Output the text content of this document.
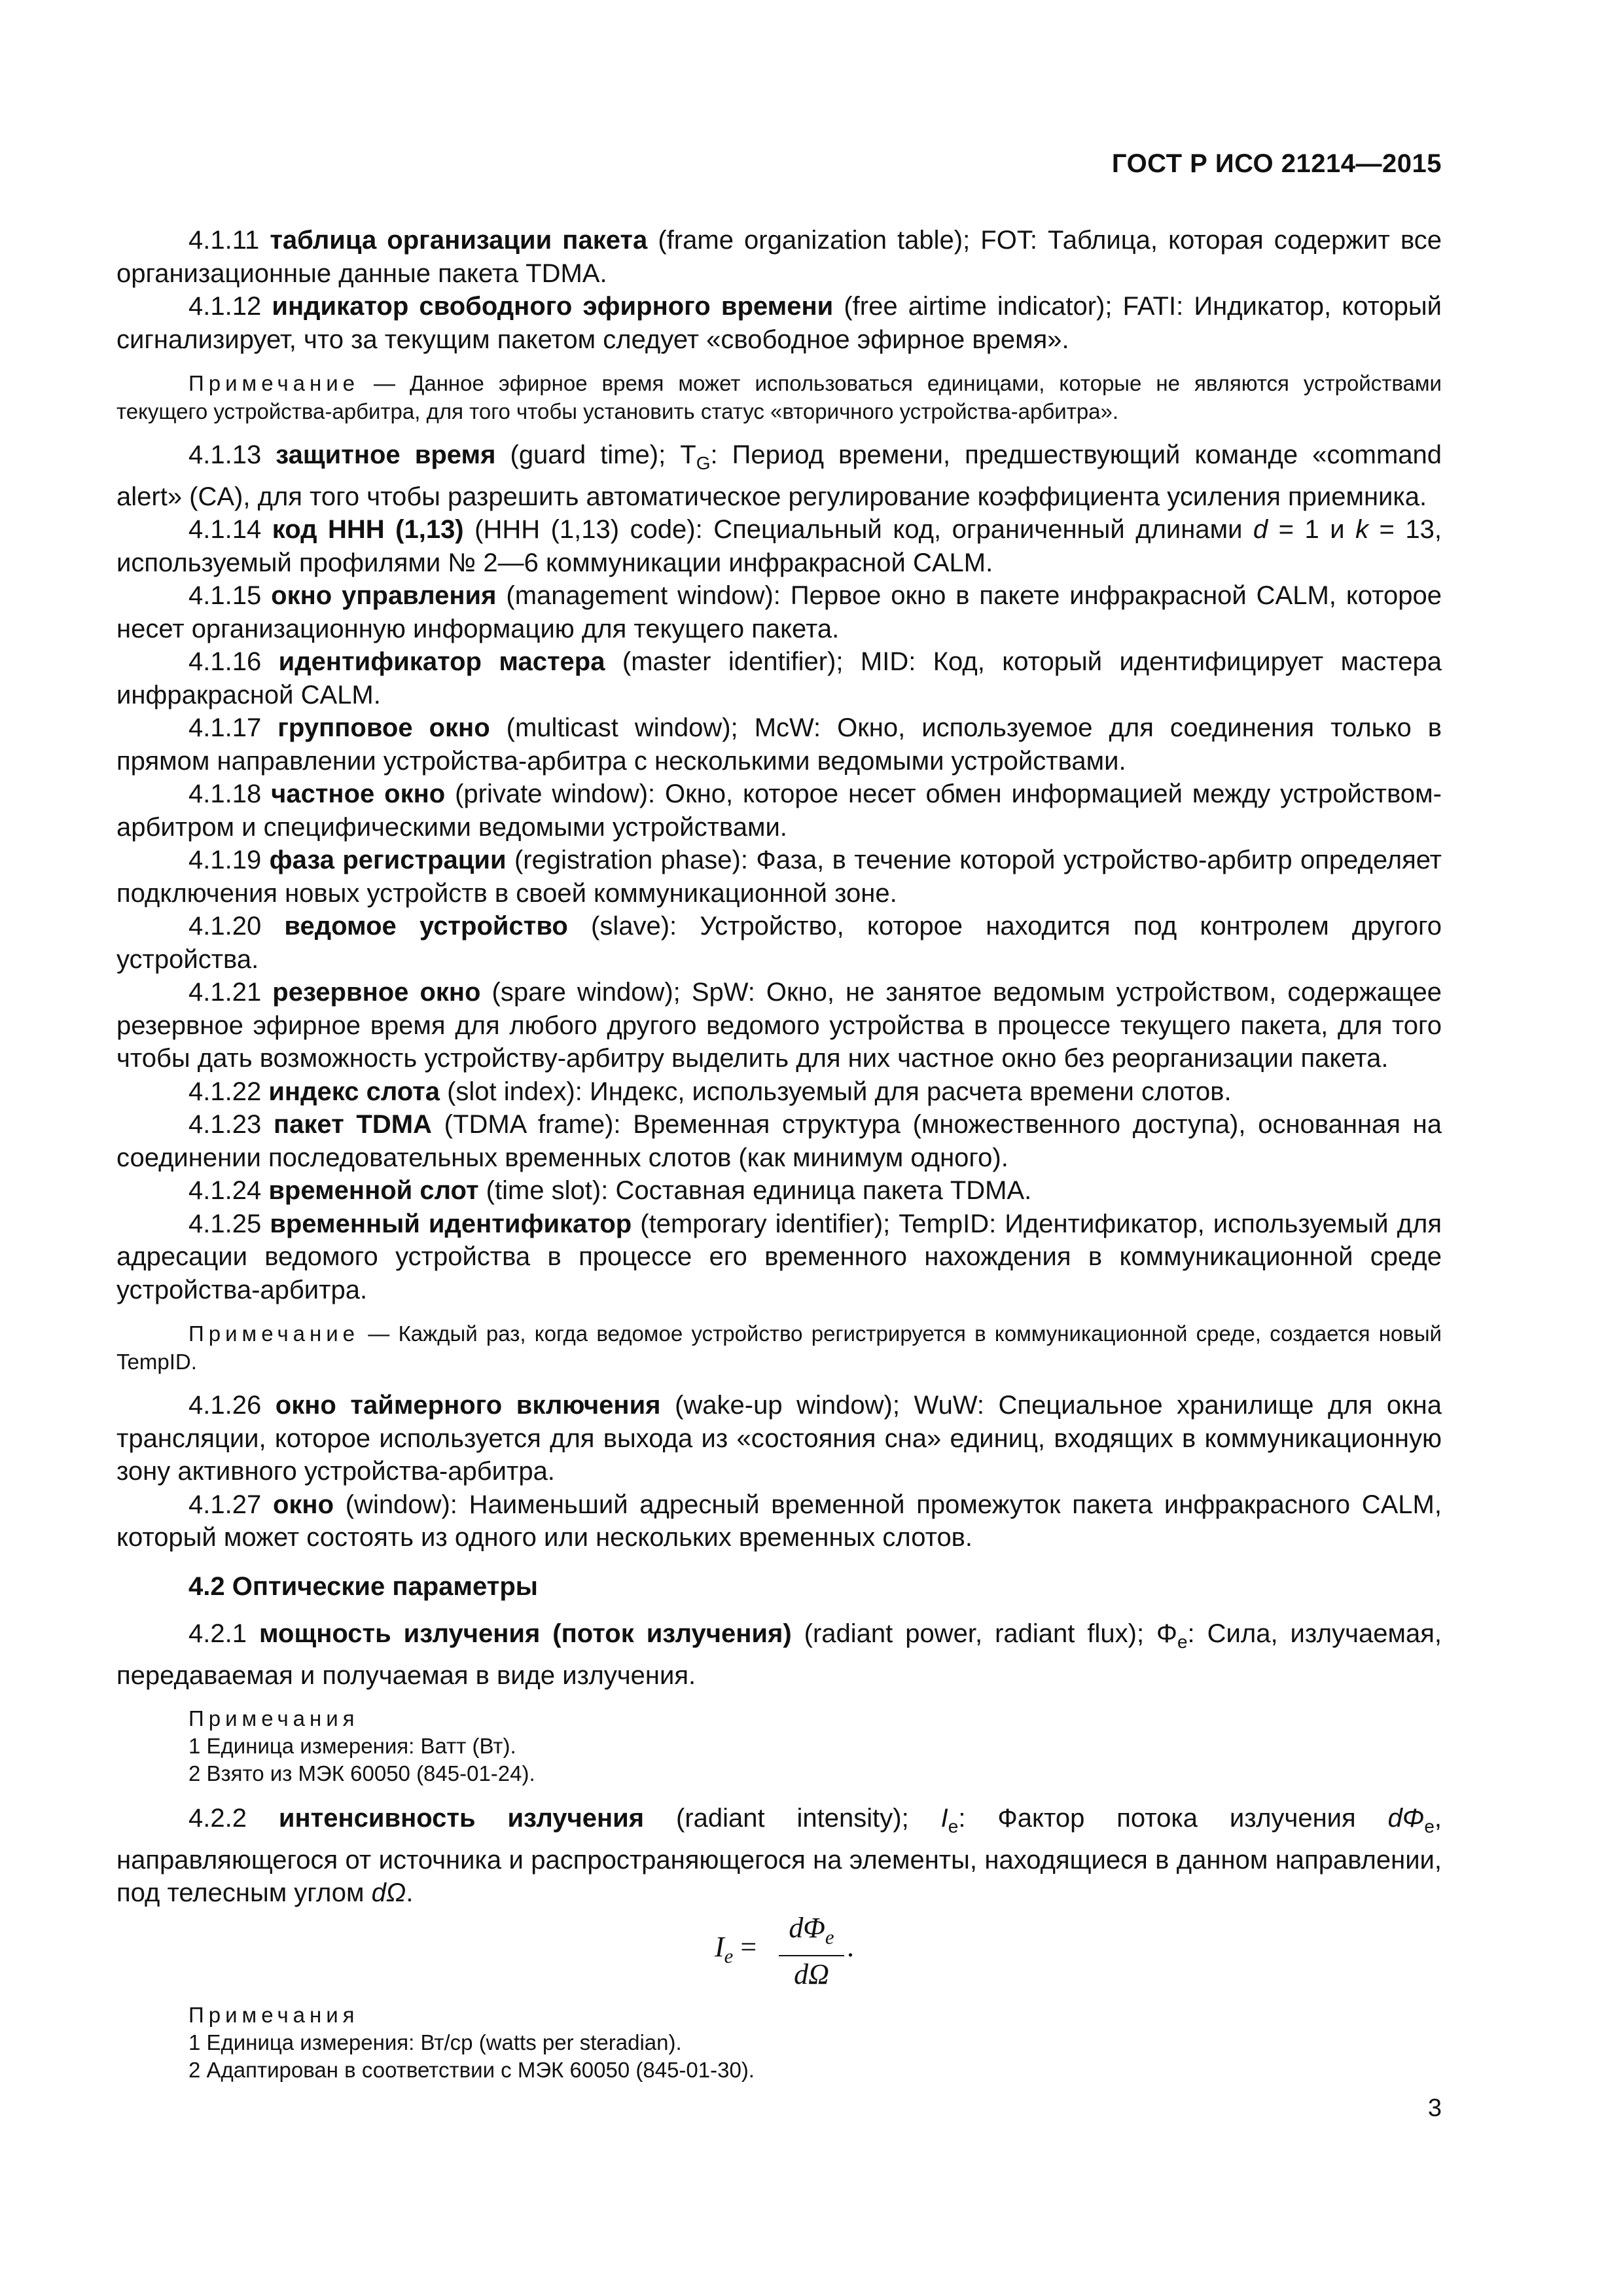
ГОСТ Р ИСО 21214—2015

4.1.11 таблица организации пакета (frame organization table); FOT: Таблица, которая содержит все организационные данные пакета TDMA.

4.1.12 индикатор свободного эфирного времени (free airtime indicator); FATI: Индикатор, который сигнализирует, что за текущим пакетом следует «свободное эфирное время».

Примечание — Данное эфирное время может использоваться единицами, которые не являются устройствами текущего устройства-арбитра, для того чтобы установить статус «вторичного устройства-арбитра».

4.1.13 защитное время (guard time); $T_G$: Период времени, предшествующий команде «command alert» (CA), для того чтобы разрешить автоматическое регулирование коэффициента усиления приемника.

4.1.14 код ННН (1,13) (ННН (1,13) code): Специальный код, ограниченный длинами d = 1 и k = 13, используемый профилями № 2—6 коммуникации инфракрасной CALM.

4.1.15 окно управления (management window): Первое окно в пакете инфракрасной CALM, которое несет организационную информацию для текущего пакета.

4.1.16 идентификатор мастера (master identifier); MID: Код, который идентифицирует мастера инфракрасной CALM.

4.1.17 групповое окно (multicast window); McW: Окно, используемое для соединения только в прямом направлении устройства-арбитра с несколькими ведомыми устройствами.

4.1.18 частное окно (private window): Окно, которое несет обмен информацией между устройством-арбитром и специфическими ведомыми устройствами.

4.1.19 фаза регистрации (registration phase): Фаза, в течение которой устройство-арбитр определяет подключения новых устройств в своей коммуникационной зоне.

4.1.20 ведомое устройство (slave): Устройство, которое находится под контролем другого устройства.

4.1.21 резервное окно (spare window); SpW: Окно, не занятое ведомым устройством, содержащее резервное эфирное время для любого другого ведомого устройства в процессе текущего пакета, для того чтобы дать возможность устройству-арбитру выделить для них частное окно без реорганизации пакета.

4.1.22 индекс слота (slot index): Индекс, используемый для расчета времени слотов.

4.1.23 пакет TDMA (TDMA frame): Временная структура (множественного доступа), основанная на соединении последовательных временных слотов (как минимум одного).

4.1.24 временной слот (time slot): Составная единица пакета TDMA.

4.1.25 временный идентификатор (temporary identifier); TempID: Идентификатор, используемый для адресации ведомого устройства в процессе его временного нахождения в коммуникационной среде устройства-арбитра.

Примечание — Каждый раз, когда ведомое устройство регистрируется в коммуникационной среде, создается новый TempID.

4.1.26 окно таймерного включения (wake-up window); WuW: Специальное хранилище для окна трансляции, которое используется для выхода из «состояния сна» единиц, входящих в коммуникационную зону активного устройства-арбитра.

4.1.27 окно (window): Наименьший адресный временной промежуток пакета инфракрасного CALM, который может состоять из одного или нескольких временных слотов.

4.2 Оптические параметры

4.2.1 мощность излучения (поток излучения) (radiant power, radiant flux); $\Phi_e$: Сила, излучаемая, передаваемая и получаемая в виде излучения.

Примечания
1 Единица измерения: Ватт (Вт).
2 Взято из МЭК 60050 (845-01-24).

4.2.2 интенсивность излучения (radiant intensity); $I_e$: Фактор потока излучения $d\Phi_e$, направляющегося от источника и распространяющегося на элементы, находящиеся в данном направлении, под телесным углом dΩ.

$I_e$ =
$d\Phi_e$
dΩ
.
Примечания
1 Единица измерения: Вт/ср (watts per steradian).
2 Адаптирован в соответствии с МЭК 60050 (845-01-30).
3
